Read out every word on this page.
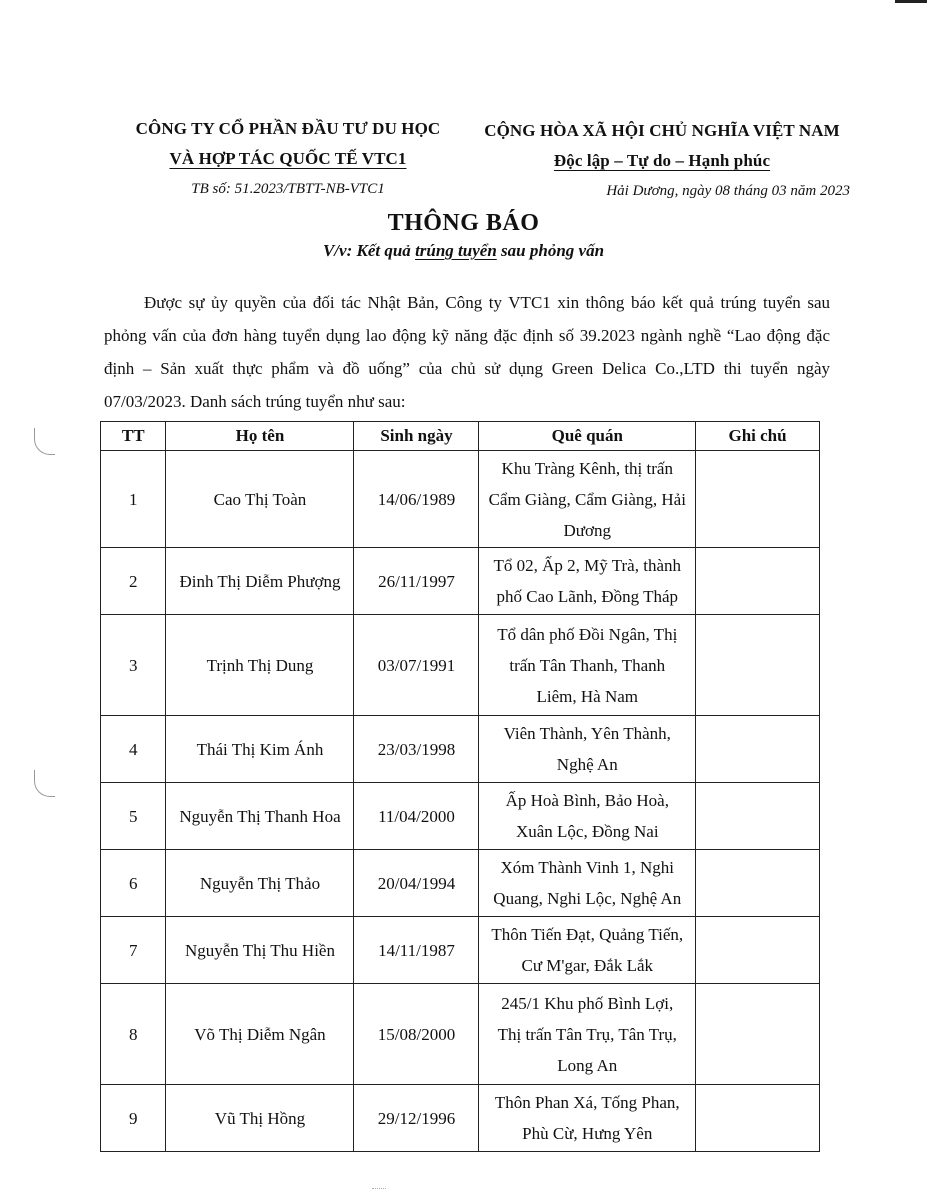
CÔNG TY CỔ PHẦN ĐẦU TƯ DU HỌC
VÀ HỢP TÁC QUỐC TẾ VTC1
TB số: 51.2023/TBTT-NB-VTC1
CỘNG HÒA XÃ HỘI CHỦ NGHĨA VIỆT NAM
Độc lập – Tự do – Hạnh phúc
Hải Dương, ngày 08 tháng 03 năm 2023
THÔNG BÁO
V/v: Kết quả trúng tuyển sau phỏng vấn
Được sự ủy quyền của đối tác Nhật Bản, Công ty VTC1 xin thông báo kết quả trúng tuyển sau phỏng vấn của đơn hàng tuyển dụng lao động kỹ năng đặc định số 39.2023 ngành nghề “Lao động đặc định – Sản xuất thực phẩm và đồ uống” của chủ sử dụng Green Delica Co.,LTD thi tuyển ngày 07/03/2023. Danh sách trúng tuyển như sau:
TT	Họ tên	Sinh ngày	Quê quán	Ghi chú
1	Cao Thị Toàn	14/06/1989	Khu Tràng Kênh, thị trấn
Cẩm Giàng, Cẩm Giàng, Hải
Dương	

2	Đinh Thị Diễm Phượng	26/11/1997	Tổ 02, Ấp 2, Mỹ Trà, thành
phố Cao Lãnh, Đồng Tháp	

3	Trịnh Thị Dung	03/07/1991	Tổ dân phố Đồi Ngân, Thị
trấn Tân Thanh, Thanh
Liêm, Hà Nam	

4	Thái Thị Kim Ánh	23/03/1998	Viên Thành, Yên Thành,
Nghệ An	

5	Nguyễn Thị Thanh Hoa	11/04/2000	Ấp Hoà Bình, Bảo Hoà,
Xuân Lộc, Đồng Nai	

6	Nguyễn Thị Thảo	20/04/1994	Xóm Thành Vinh 1, Nghi
Quang, Nghi Lộc, Nghệ An	

7	Nguyễn Thị Thu Hiền	14/11/1987	Thôn Tiến Đạt, Quảng Tiến,
Cư M'gar, Đắk Lắk	

8	Võ Thị Diễm Ngân	15/08/2000	245/1 Khu phố Bình Lợi,
Thị trấn Tân Trụ, Tân Trụ,
Long An	

9	Vũ Thị Hồng	29/12/1996	Thôn Phan Xá, Tống Phan,
Phù Cừ, Hưng Yên	
